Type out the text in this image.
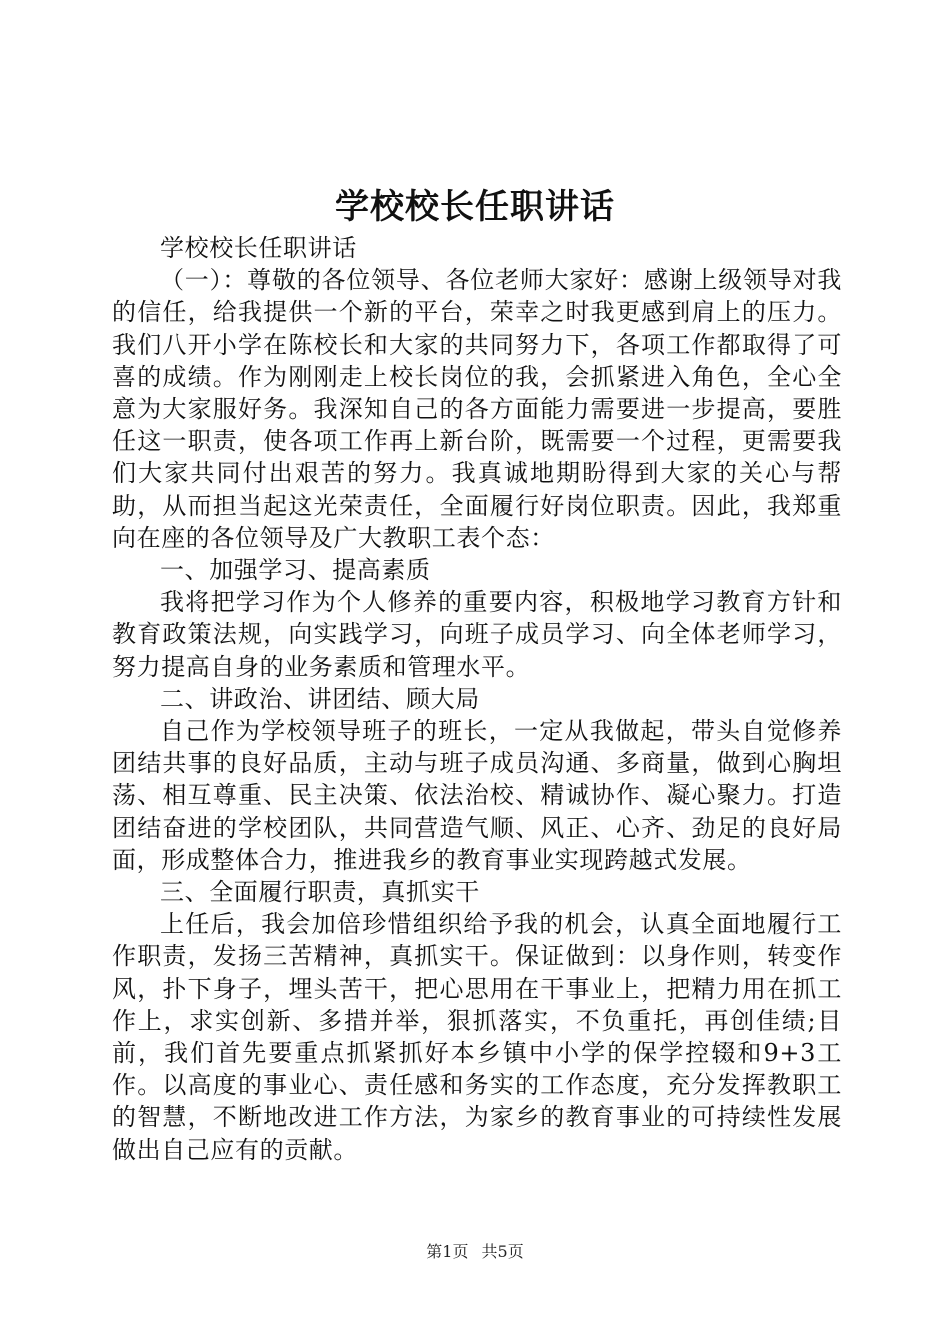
学校校长任职讲话

学校校长任职讲话

（一）：尊敬的各位领导、各位老师大家好：感谢上级领导对我的信任，给我提供一个新的平台，荣幸之时我更感到肩上的压力。我们八开小学在陈校长和大家的共同努力下，各项工作都取得了可喜的成绩。作为刚刚走上校长岗位的我，会抓紧进入角色，全心全意为大家服好务。我深知自己的各方面能力需要进一步提高，要胜任这一职责，使各项工作再上新台阶，既需要一个过程，更需要我们大家共同付出艰苦的努力。我真诚地期盼得到大家的关心与帮助，从而担当起这光荣责任，全面履行好岗位职责。因此，我郑重向在座的各位领导及广大教职工表个态：

一、加强学习、提高素质

我将把学习作为个人修养的重要内容，积极地学习教育方针和教育政策法规，向实践学习，向班子成员学习、向全体老师学习，努力提高自身的业务素质和管理水平。

二、讲政治、讲团结、顾大局

自己作为学校领导班子的班长，一定从我做起，带头自觉修养团结共事的良好品质，主动与班子成员沟通、多商量，做到心胸坦荡、相互尊重、民主决策、依法治校、精诚协作、凝心聚力。打造团结奋进的学校团队，共同营造气顺、风正、心齐、劲足的良好局面，形成整体合力，推进我乡的教育事业实现跨越式发展。

三、全面履行职责，真抓实干

上任后，我会加倍珍惜组织给予我的机会，认真全面地履行工作职责，发扬三苦精神，真抓实干。保证做到：以身作则，转变作风，扑下身子，埋头苦干，把心思用在干事业上，把精力用在抓工作上，求实创新、多措并举，狠抓落实，不负重托，再创佳绩;目前，我们首先要重点抓紧抓好本乡镇中小学的保学控辍和9+3工作。以高度的事业心、责任感和务实的工作态度，充分发挥教职工的智慧，不断地改进工作方法，为家乡的教育事业的可持续性发展做出自己应有的贡献。

第1页 共5页
